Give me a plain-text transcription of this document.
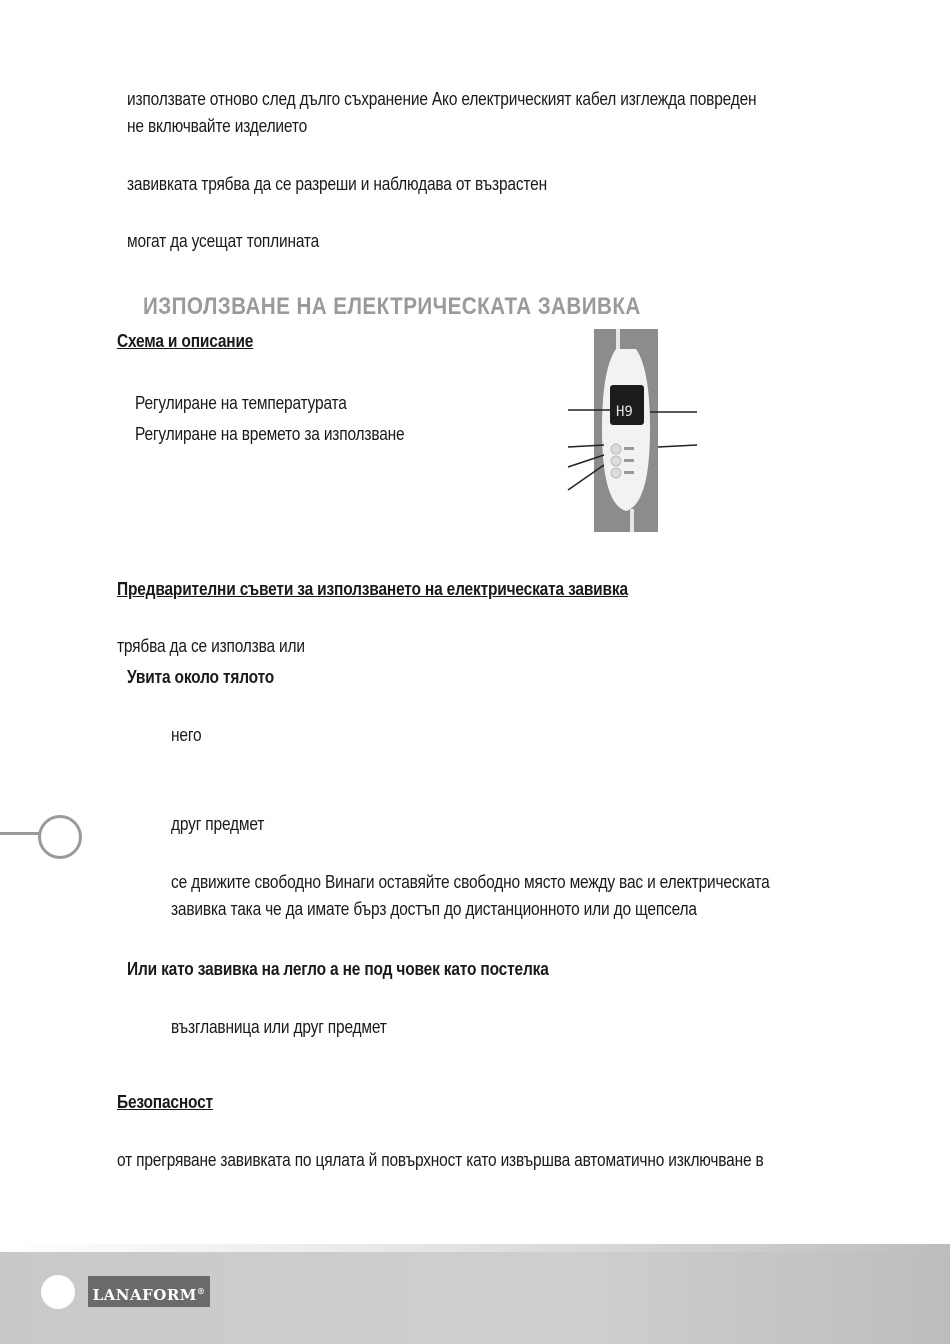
използвате отново след дълго съхранение Ако електрическият кабел изглежда повреден
не включвайте изделието
завивката трябва да се разреши и наблюдава от възрастен
могат да усещат топлината
ИЗПОЛЗВАНЕ НА ЕЛЕКТРИЧЕСКАТА ЗАВИВКА
Схема и описание
Регулиране на температурата
Регулиране на времето за използване
H9
Предварителни съвети за използването на електрическата завивка
трябва да се използва или
Увита около тялото
него
друг предмет
се движите свободно Винаги оставяйте свободно място между вас и електрическата
завивка така че да имате бърз достъп до дистанционното или до щепсела
Или като завивка на легло а не под човек като постелка
възглавница или друг предмет
Безопасност
от прегряване завивката по цялата й повърхност като извършва автоматично изключване в
LANAFORM®
